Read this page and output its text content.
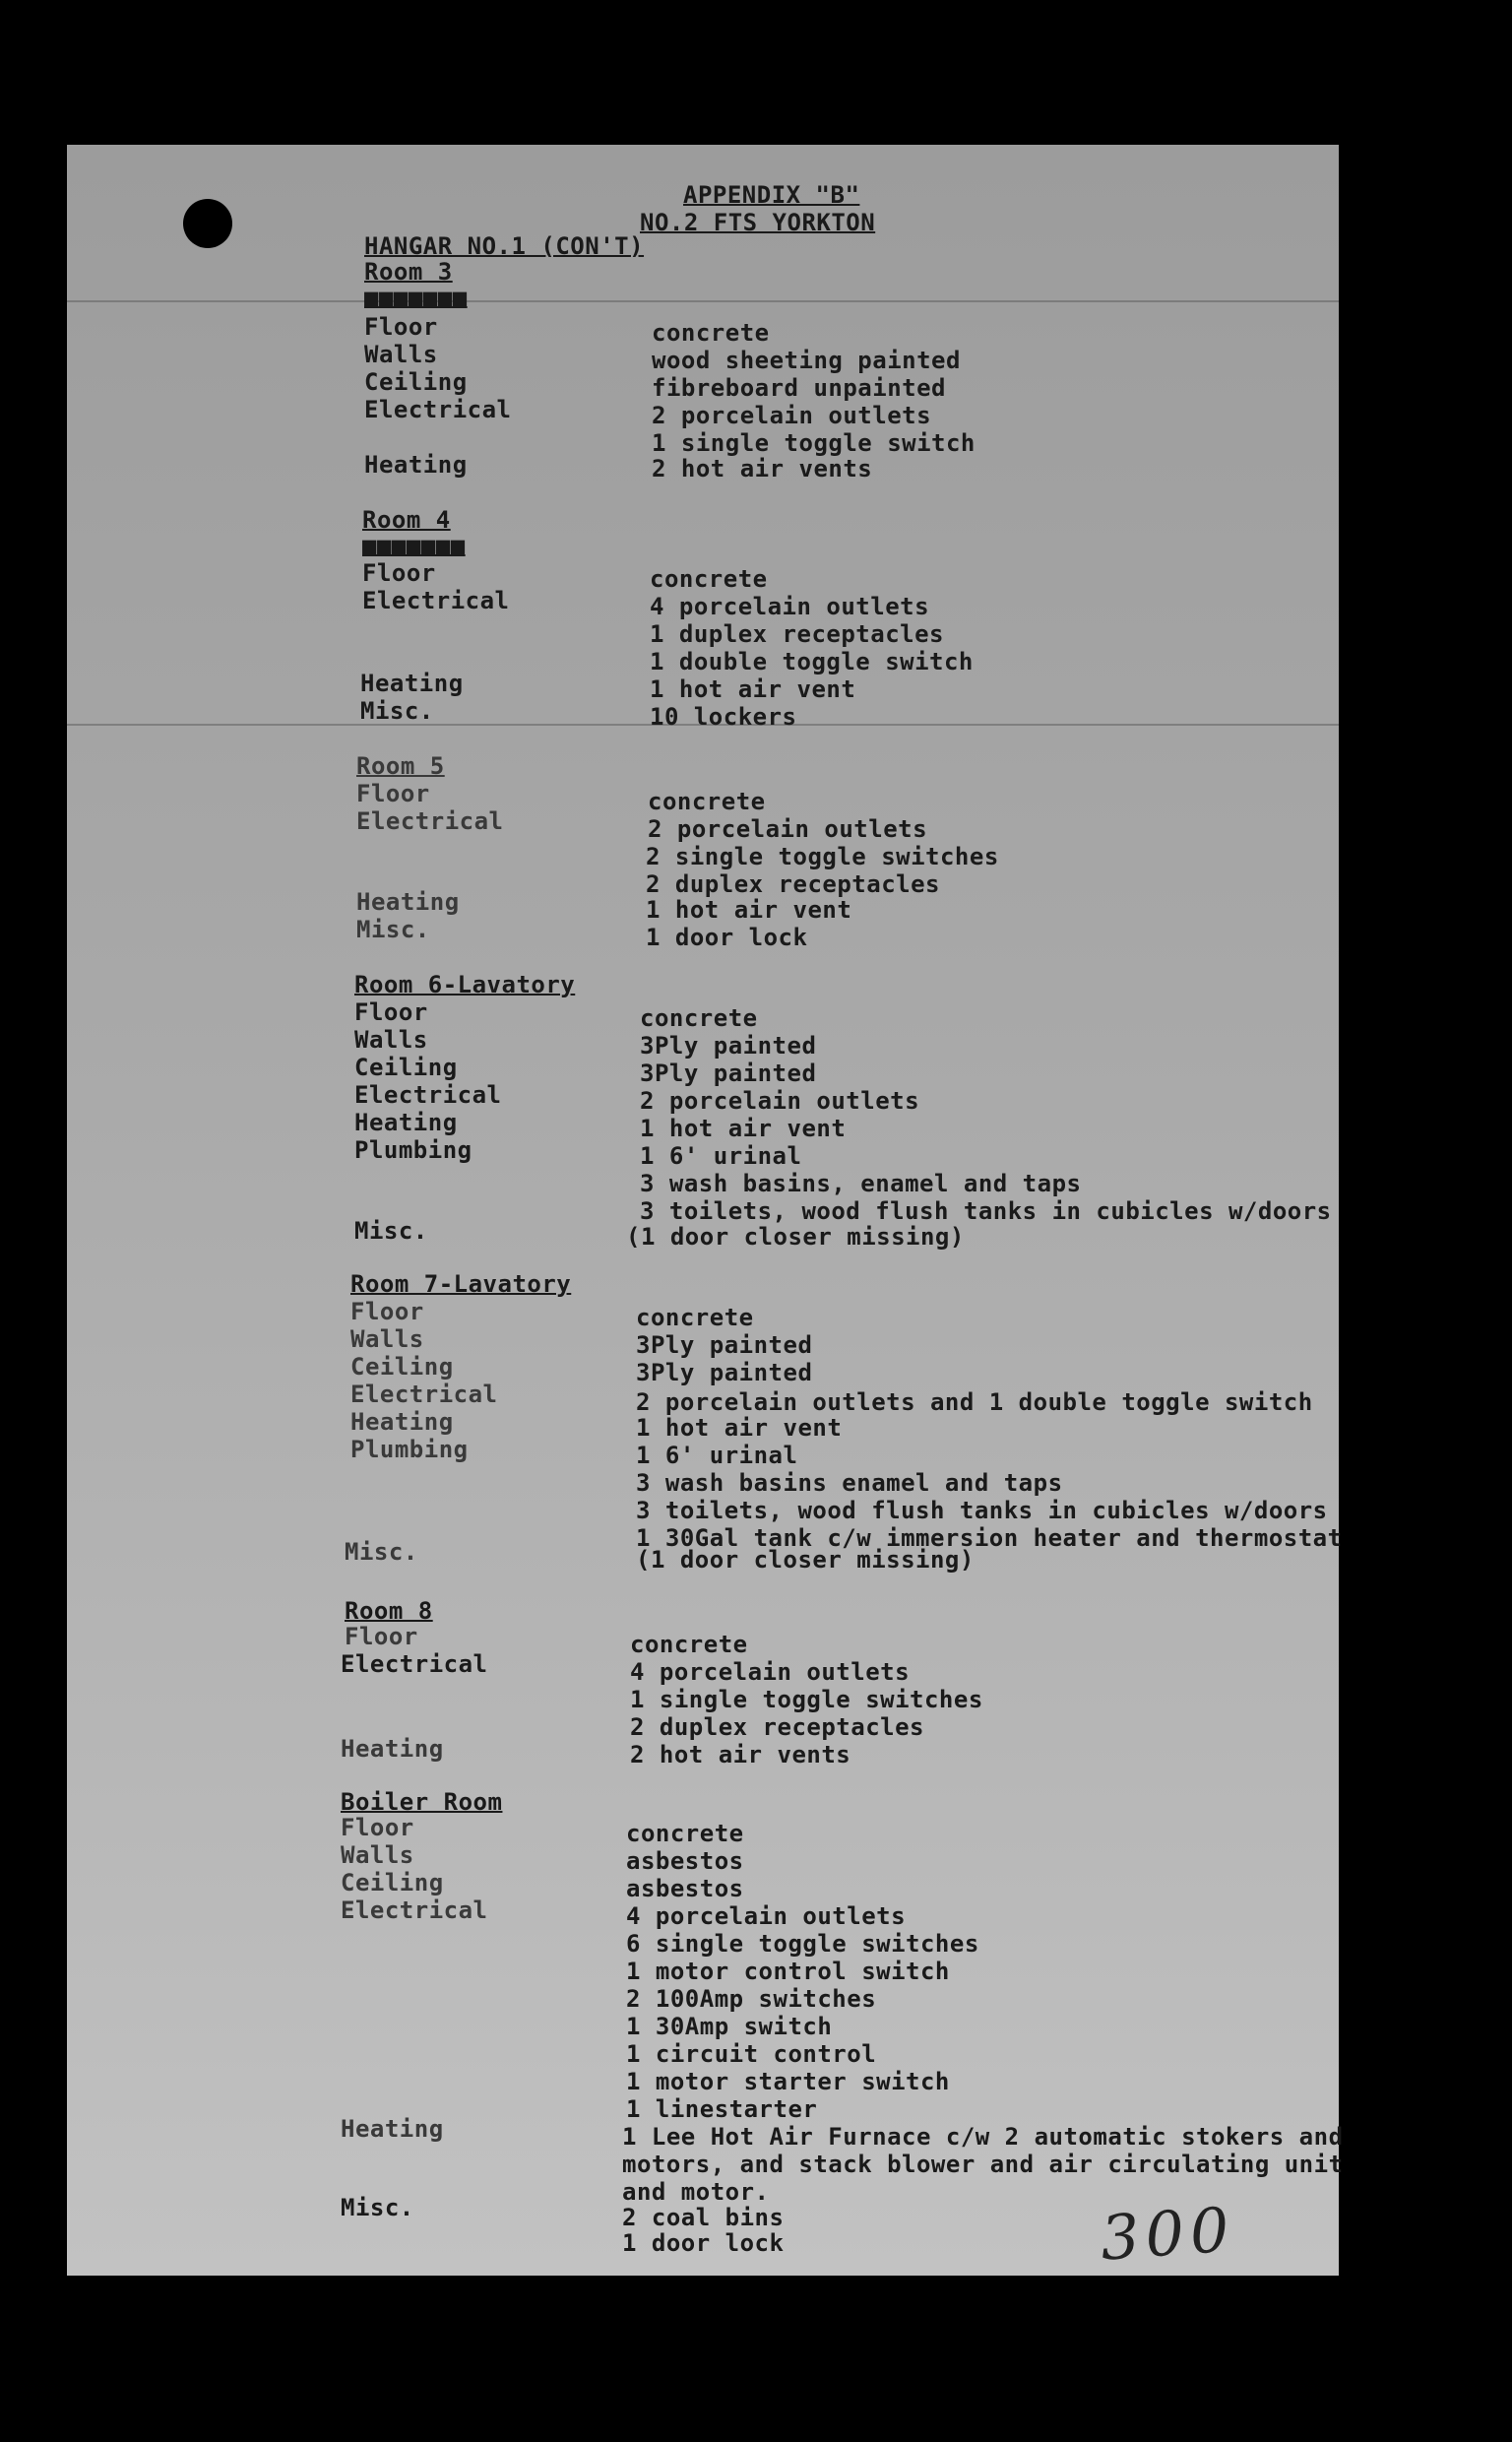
APPENDIX "B"
NO.2 FTS YORKTON
HANGAR NO.1 (CON'T)
Room 3
■■■■■■■
Floor	concrete
Walls	wood sheeting painted
Ceiling	fibreboard unpainted
Electrical	2 porcelain outlets
1 single toggle switch
Heating	2 hot air vents
Room 4
■■■■■■■
Floor	concrete
Electrical	4 porcelain outlets
1 duplex receptacles
1 double toggle switch
Heating	1 hot air vent
Misc.	10 lockers
Room 5
Floor	concrete
Electrical	2 porcelain outlets
2 single toggle switches
2 duplex receptacles
Heating	1 hot air vent
Misc.	1 door lock
Room 6-Lavatory
Floor	concrete
Walls	3Ply painted
Ceiling	3Ply painted
Electrical	2 porcelain outlets
Heating	1 hot air vent
Plumbing	1 6' urinal
3 wash basins, enamel and taps
3 toilets, wood flush tanks in cubicles w/doors
Misc.	(1 door closer missing)
Room 7-Lavatory
Floor	concrete
Walls	3Ply painted
Ceiling	3Ply painted
Electrical	2 porcelain outlets and 1 double toggle switch
Heating	1 hot air vent
Plumbing	1 6' urinal
3 wash basins enamel and taps
3 toilets, wood flush tanks in cubicles w/doors
1 30Gal tank c/w immersion heater and thermostat
Misc.	(1 door closer missing)
Room 8
Floor	concrete
Electrical	4 porcelain outlets
1 single toggle switches
2 duplex receptacles
Heating	2 hot air vents
Boiler Room
Floor	concrete
Walls	asbestos
Ceiling	asbestos
Electrical	4 porcelain outlets
6 single toggle switches
1 motor control switch
2 100Amp switches
1 30Amp switch
1 circuit control
1 motor starter switch
1 linestarter
Heating	1 Lee Hot Air Furnace c/w 2 automatic stokers and
motors, and stack blower and air circulating unit
and motor.
Misc.	2 coal bins
1 door lock	300
